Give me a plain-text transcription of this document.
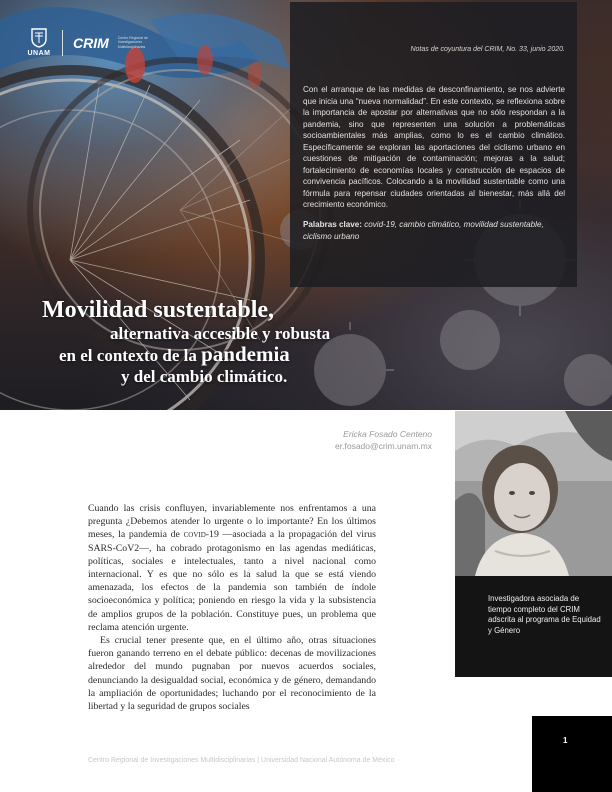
UNAM
CRIM	Centro Regional de Investigaciones Multidisciplinarias	Notas de coyuntura del CRIM, No. 33, junio 2020.

Con el arranque de las medidas de desconfinamiento, se nos advierte que inicia una “nueva normalidad”. En este contexto, se reflexiona sobre la importancia de apostar por alternativas que no sólo respondan a la pandemia, sino que representen una solución a problemáticas socioambientales más amplias, como lo es el cambio climático. Específicamente se exploran las aportaciones del ciclismo urbano en cuestiones de mitigación de contaminación; mejoras a la salud; fortalecimiento de economías locales y construcción de espacios de convivencia pacíficos. Colocando a la movilidad sustentable como una fórmula para repensar ciudades orientadas al bienestar, más allá del crecimiento económico.

Palabras clave: covid-19, cambio climático, movilidad sustentable, ciclismo urbano

Movilidad sustentable,
alternativa accesible y robusta
en el contexto de la pandemia
y del cambio climático.
Ericka Fosado Centeno
er.fosado@crim.unam.mx

Investigadora asociada de tiempo completo del CRIM adscrita al programa de Equidad y Género

Cuando las crisis confluyen, invariablemente nos enfrentamos a una pregunta ¿Debemos atender lo urgente o lo importante? En los últimos meses, la pandemia de covid-19 —asociada a la propagación del virus SARS-CoV2—, ha cobrado protagonismo en las agendas mediáticas, políticas, sociales e intelectuales, tanto a nivel nacional como internacional. Y es que no sólo es la salud la que se está viendo amenazada, los efectos de la pandemia son también de índole socioeconómica y política; poniendo en riesgo la vida y la subsistencia de amplios grupos de la población. Constituye pues, un problema que reclama atención urgente.

Es crucial tener presente que, en el último año, otras situaciones fueron ganando terreno en el debate público: decenas de movilizaciones alrededor del mundo pugnaban por nuevos acuerdos sociales, denunciando la desigualdad social, económica y de género, demandando la ampliación de oportunidades; luchando por el reconocimiento de la libertad y la seguridad de grupos sociales

Centro Regional de Investigaciones Multidisciplinarias | Universidad Nacional Autónoma de México
1
